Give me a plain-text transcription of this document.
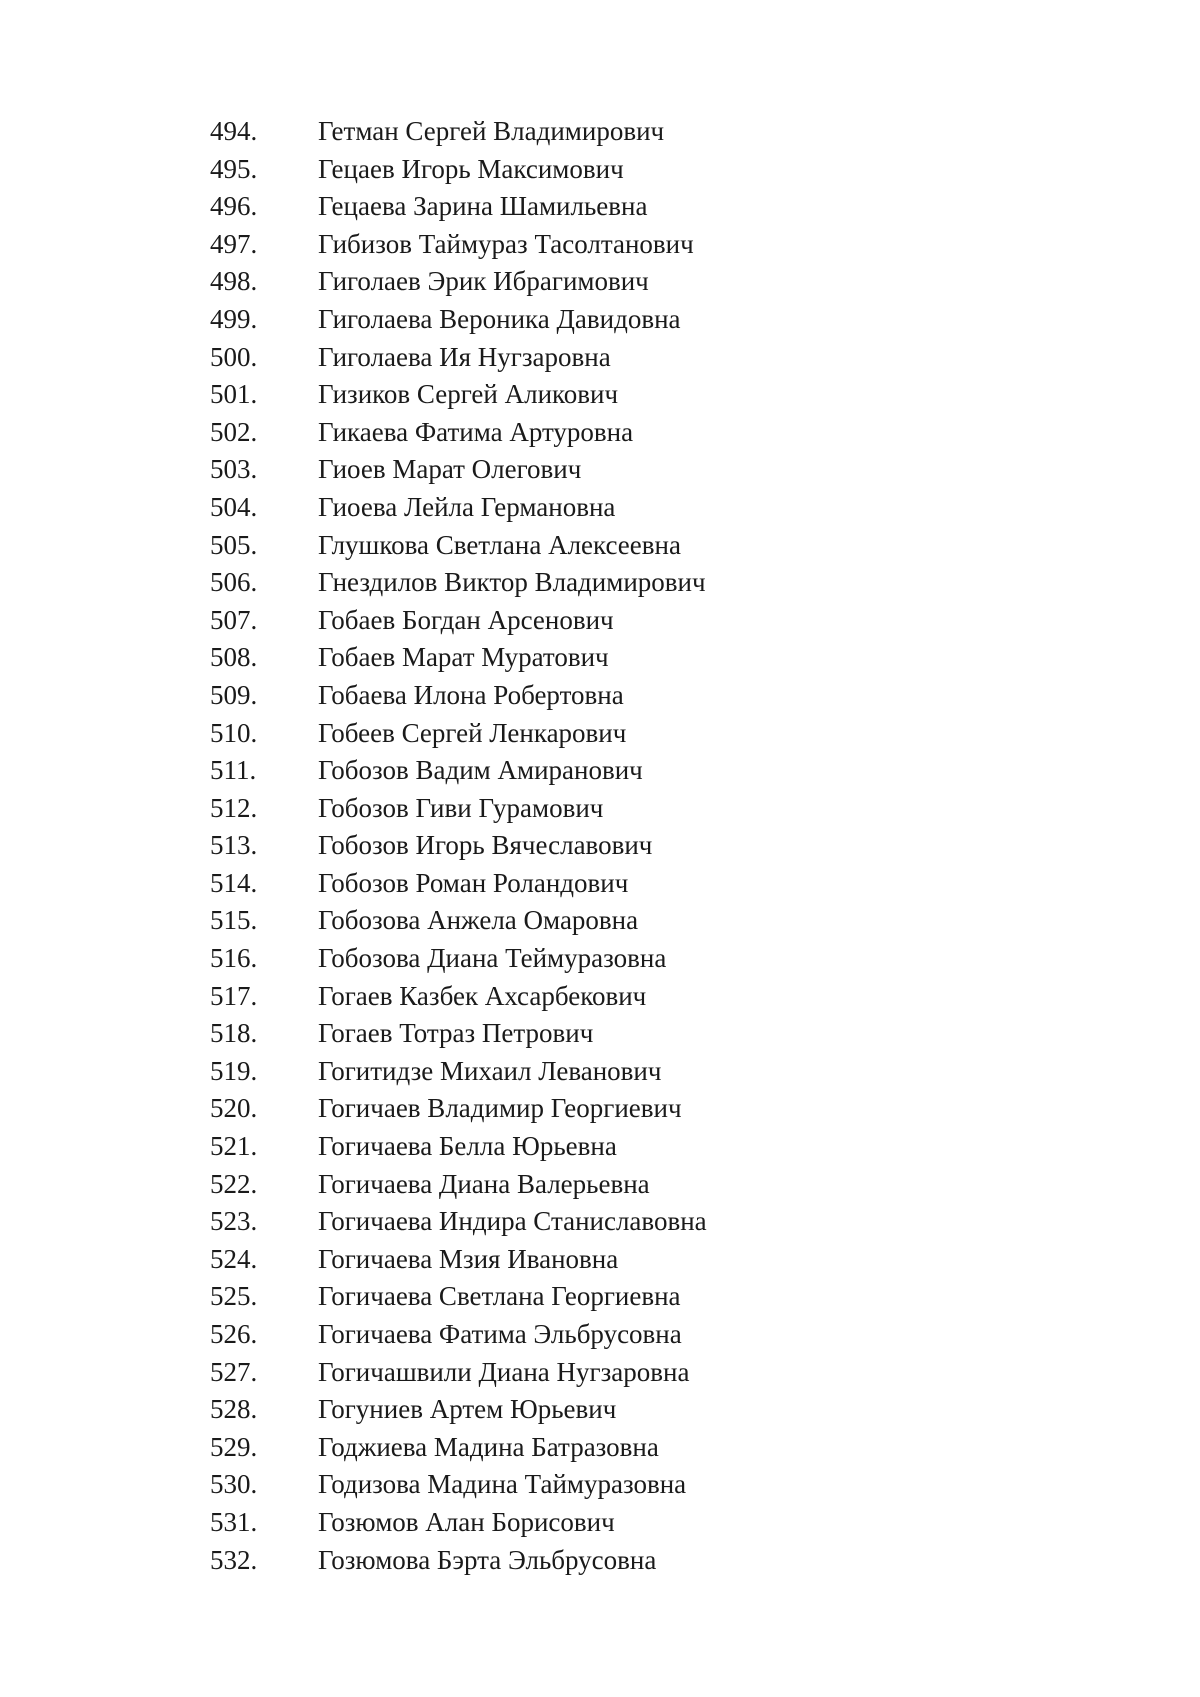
494.	Гетман Сергей Владимирович
495.	Гецаев Игорь Максимович
496.	Гецаева Зарина Шамильевна
497.	Гибизов Таймураз Тасолтанович
498.	Гиголаев Эрик Ибрагимович
499.	Гиголаева Вероника Давидовна
500.	Гиголаева Ия Нугзаровна
501.	Гизиков Сергей Аликович
502.	Гикаева Фатима Артуровна
503.	Гиоев Марат Олегович
504.	Гиоева Лейла Германовна
505.	Глушкова Светлана Алексеевна
506.	Гнездилов Виктор Владимирович
507.	Гобаев Богдан Арсенович
508.	Гобаев Марат Муратович
509.	Гобаева Илона Робертовна
510.	Гобеев Сергей Ленкарович
511.	Гобозов Вадим Амиранович
512.	Гобозов Гиви Гурамович
513.	Гобозов Игорь Вячеславович
514.	Гобозов Роман Роландович
515.	Гобозова Анжела Омаровна
516.	Гобозова Диана Теймуразовна
517.	Гогаев Казбек Ахсарбекович
518.	Гогаев Тотраз Петрович
519.	Гогитидзе Михаил Леванович
520.	Гогичаев Владимир Георгиевич
521.	Гогичаева Белла Юрьевна
522.	Гогичаева Диана Валерьевна
523.	Гогичаева Индира Станиславовна
524.	Гогичаева Мзия Ивановна
525.	Гогичаева Светлана Георгиевна
526.	Гогичаева Фатима Эльбрусовна
527.	Гогичашвили Диана Нугзаровна
528.	Гогуниев Артем Юрьевич
529.	Годжиева Мадина Батразовна
530.	Годизова Мадина Таймуразовна
531.	Гозюмов Алан Борисович
532.	Гозюмова Бэрта Эльбрусовна
